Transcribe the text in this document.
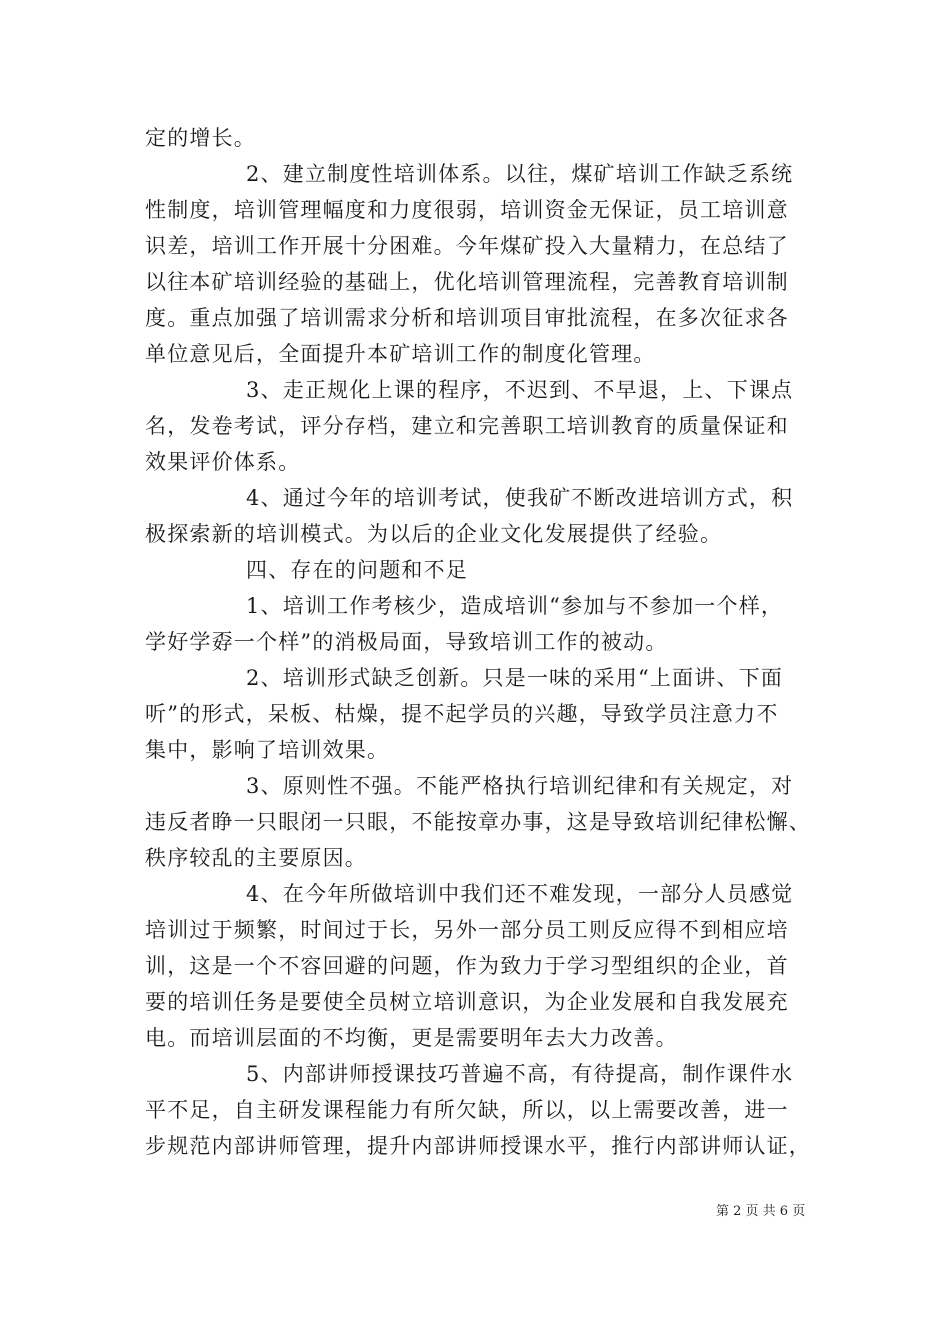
定的增长。
2、建立制度性培训体系。以往，煤矿培训工作缺乏系统
性制度，培训管理幅度和力度很弱，培训资金无保证，员工培训意
识差，培训工作开展十分困难。今年煤矿投入大量精力，在总结了
以往本矿培训经验的基础上，优化培训管理流程，完善教育培训制
度。重点加强了培训需求分析和培训项目审批流程，在多次征求各
单位意见后，全面提升本矿培训工作的制度化管理。
3、走正规化上课的程序，不迟到、不早退，上、下课点
名，发卷考试，评分存档，建立和完善职工培训教育的质量保证和
效果评价体系。
4、通过今年的培训考试，使我矿不断改进培训方式，积
极探索新的培训模式。为以后的企业文化发展提供了经验。
四、存在的问题和不足
1、培训工作考核少，造成培训“参加与不参加一个样，
学好学孬一个样”的消极局面，导致培训工作的被动。
2、培训形式缺乏创新。只是一味的采用“上面讲、下面
听”的形式，呆板、枯燥，提不起学员的兴趣，导致学员注意力不
集中，影响了培训效果。
3、原则性不强。不能严格执行培训纪律和有关规定，对
违反者睁一只眼闭一只眼，不能按章办事，这是导致培训纪律松懈、
秩序较乱的主要原因。
4、在今年所做培训中我们还不难发现，一部分人员感觉
培训过于频繁，时间过于长，另外一部分员工则反应得不到相应培
训，这是一个不容回避的问题，作为致力于学习型组织的企业，首
要的培训任务是要使全员树立培训意识，为企业发展和自我发展充
电。而培训层面的不均衡，更是需要明年去大力改善。
5、内部讲师授课技巧普遍不高，有待提高，制作课件水
平不足，自主研发课程能力有所欠缺，所以，以上需要改善，进一
步规范内部讲师管理，提升内部讲师授课水平，推行内部讲师认证，
第 2 页 共 6 页
